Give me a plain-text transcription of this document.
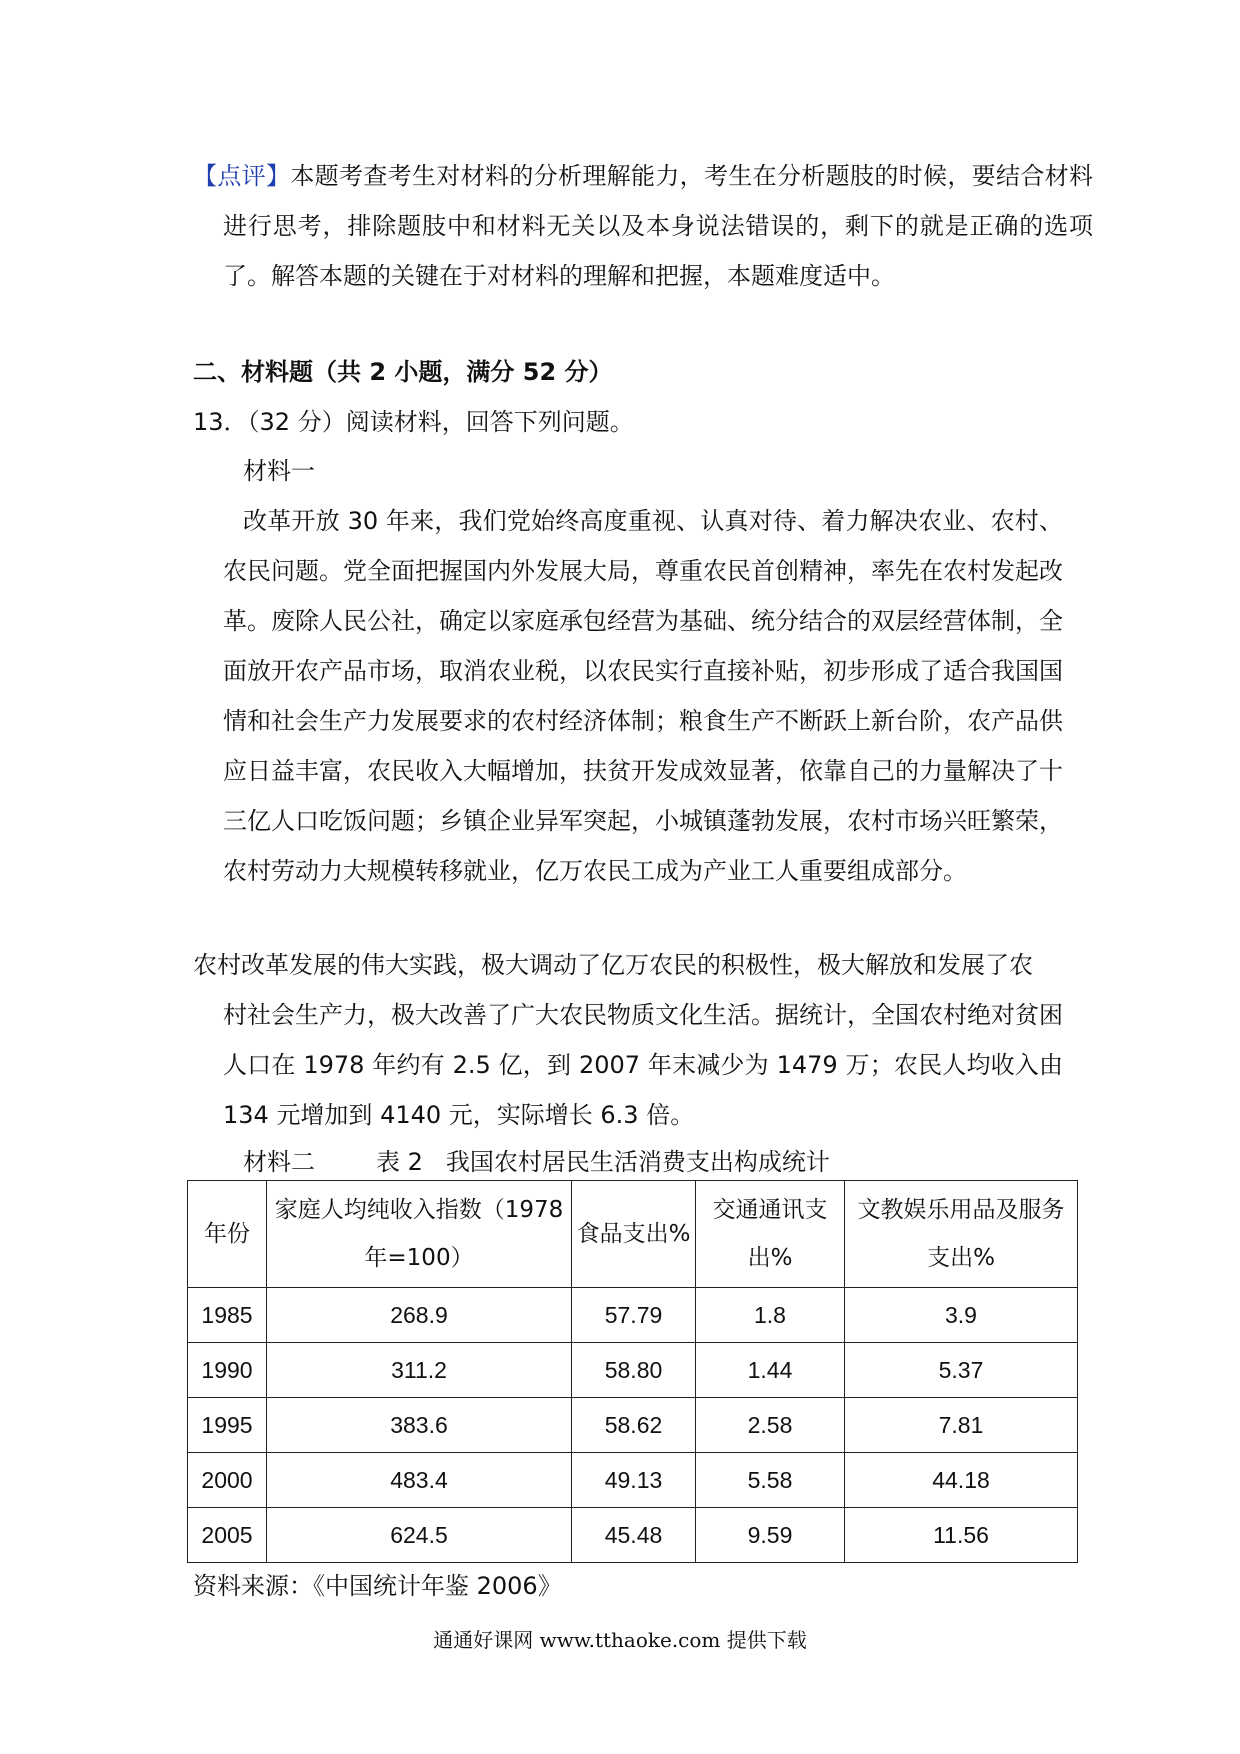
【点评】本题考查考生对材料的分析理解能力，考生在分析题肢的时候，要结合材料进行思考，排除题肢中和材料无关以及本身说法错误的，剩下的就是正确的选项了。解答本题的关键在于对材料的理解和把握，本题难度适中。

二、材料题（共 2 小题，满分 52 分）

13．（32 分）阅读材料，回答下列问题。

材料一

改革开放 30 年来，我们党始终高度重视、认真对待、着力解决农业、农村、农民问题。党全面把握国内外发展大局，尊重农民首创精神，率先在农村发起改革。废除人民公社，确定以家庭承包经营为基础、统分结合的双层经营体制，全面放开农产品市场，取消农业税，以农民实行直接补贴，初步形成了适合我国国情和社会生产力发展要求的农村经济体制；粮食生产不断跃上新台阶，农产品供应日益丰富，农民收入大幅增加，扶贫开发成效显著，依靠自己的力量解决了十三亿人口吃饭问题；乡镇企业异军突起，小城镇蓬勃发展，农村市场兴旺繁荣，农村劳动力大规模转移就业，亿万农民工成为产业工人重要组成部分。

农村改革发展的伟大实践，极大调动了亿万农民的积极性，极大解放和发展了农
村社会生产力，极大改善了广大农民物质文化生活。据统计，全国农村绝对贫困人口在 1978 年约有 2.5 亿，到 2007 年末减少为 1479 万；农民人均收入由 134 元增加到 4140 元，实际增长 6.3 倍。

材料二	表 2   我国农村居民生活消费支出构成统计

年份	家庭人均纯收入指数（1978 年=100）	食品支出%	交通通讯支出%	文教娱乐用品及服务支出%
1985	268.9	57.79	1.8	3.9
1990	311.2	58.80	1.44	5.37
1995	383.6	58.62	2.58	7.81
2000	483.4	49.13	5.58	44.18
2005	624.5	45.48	9.59	11.56

资料来源：《中国统计年鉴 2006》

通通好课网 www.tthaoke.com 提供下载
